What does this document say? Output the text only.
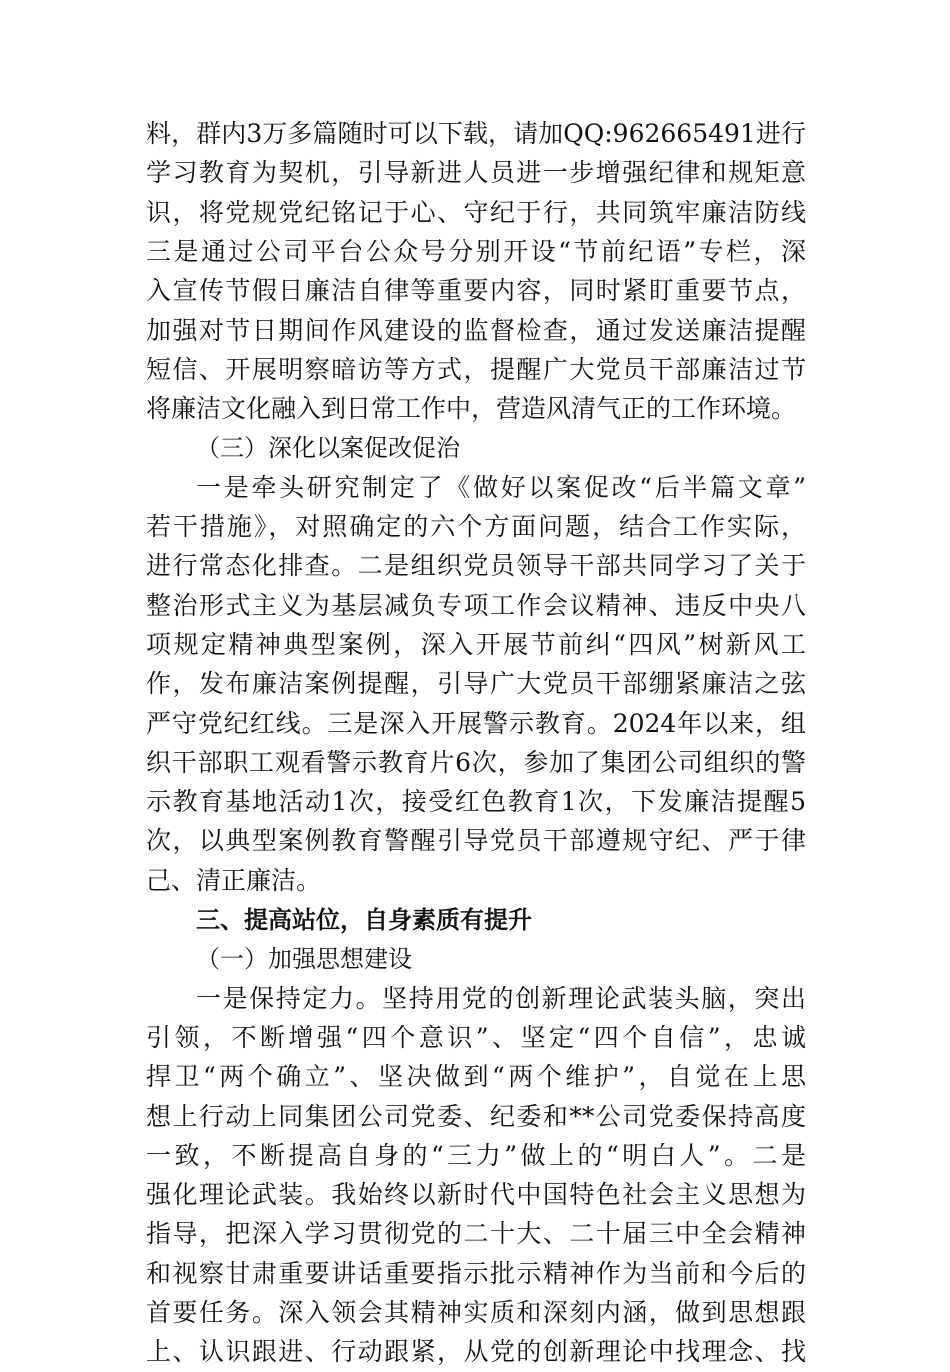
料，群内3万多篇随时可以下载，请加QQ:962665491进行
学习教育为契机，引导新进人员进一步增强纪律和规矩意
识，将党规党纪铭记于心、守纪于行，共同筑牢廉洁防线
三是通过公司平台公众号分别开设“节前纪语”专栏，深
入宣传节假日廉洁自律等重要内容，同时紧盯重要节点，
加强对节日期间作风建设的监督检查，通过发送廉洁提醒
短信、开展明察暗访等方式，提醒广大党员干部廉洁过节
将廉洁文化融入到日常工作中，营造风清气正的工作环境。
（三）深化以案促改促治
一是牵头研究制定了《做好以案促改“后半篇文章”
若干措施》，对照确定的六个方面问题，结合工作实际，
进行常态化排查。二是组织党员领导干部共同学习了关于
整治形式主义为基层减负专项工作会议精神、违反中央八
项规定精神典型案例，深入开展节前纠“四风”树新风工
作，发布廉洁案例提醒，引导广大党员干部绷紧廉洁之弦
严守党纪红线。三是深入开展警示教育。2024年以来，组
织干部职工观看警示教育片6次，参加了集团公司组织的警
示教育基地活动1次，接受红色教育1次，下发廉洁提醒5
次，以典型案例教育警醒引导党员干部遵规守纪、严于律
己、清正廉洁。
三、提高站位，自身素质有提升
（一）加强思想建设
一是保持定力。坚持用党的创新理论武装头脑，突出
引领，不断增强“四个意识”、坚定“四个自信”，忠诚
捍卫“两个确立”、坚决做到“两个维护”，自觉在上思
想上行动上同集团公司党委、纪委和**公司党委保持高度
一致，不断提高自身的“三力”做上的“明白人”。二是
强化理论武装。我始终以新时代中国特色社会主义思想为
指导，把深入学习贯彻党的二十大、二十届三中全会精神
和视察甘肃重要讲话重要指示批示精神作为当前和今后的
首要任务。深入领会其精神实质和深刻内涵，做到思想跟
上、认识跟进、行动跟紧，从党的创新理论中找理念、找
